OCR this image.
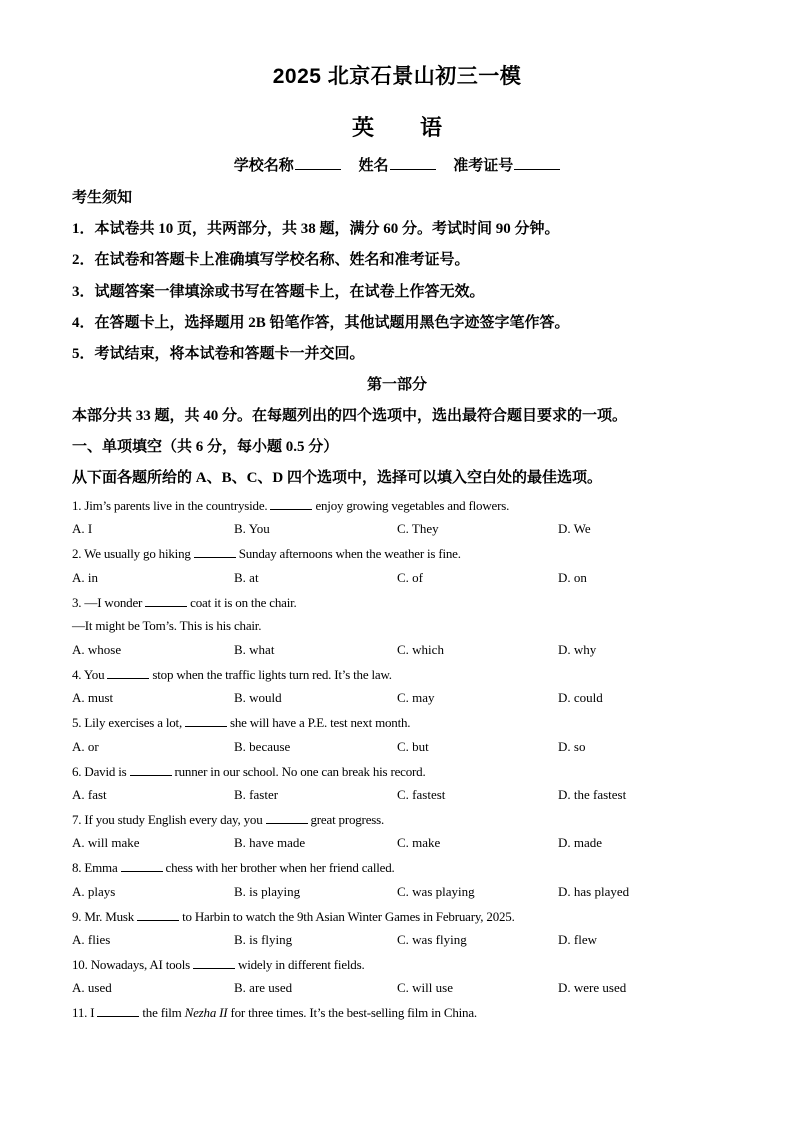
2025 北京石景山初三一模
英 语
学校名称	姓名	准考证号
考生须知
1．本试卷共 10 页，共两部分，共 38 题，满分 60 分。考试时间 90 分钟。
2．在试卷和答题卡上准确填写学校名称、姓名和准考证号。
3．试题答案一律填涂或书写在答题卡上，在试卷上作答无效。
4．在答题卡上，选择题用 2B 铅笔作答，其他试题用黑色字迹签字笔作答。
5．考试结束，将本试卷和答题卡一并交回。
第一部分
本部分共 33 题，共 40 分。在每题列出的四个选项中，选出最符合题目要求的一项。
一、单项填空（共 6 分，每小题 0.5 分）
从下面各题所给的 A、B、C、D 四个选项中，选择可以填入空白处的最佳选项。
1. Jim’s parents live in the countryside.	enjoy growing vegetables and flowers.
A. I	B. You	C. They	D. We
2. We usually go hiking	Sunday afternoons when the weather is fine.
A. in	B. at	C. of	D. on
3. —I wonder	coat it is on the chair.
—It might be Tom’s. This is his chair.
A. whose	B. what	C. which	D. why
4. You	stop when the traffic lights turn red. It’s the law.
A. must	B. would	C. may	D. could
5. Lily exercises a lot,	she will have a P.E. test next month.
A. or	B. because	C. but	D. so
6. David is	runner in our school. No one can break his record.
A. fast	B. faster	C. fastest	D. the fastest
7. If you study English every day, you	great progress.
A. will make	B. have made	C. make	D. made
8. Emma	chess with her brother when her friend called.
A. plays	B. is playing	C. was playing	D. has played
9. Mr. Musk	to Harbin to watch the 9th Asian Winter Games in February, 2025.
A. flies	B. is flying	C. was flying	D. flew
10. Nowadays, AI tools	widely in different fields.
A. used	B. are used	C. will use	D. were used
11. I	the film Nezha II for three times. It’s the best-selling film in China.
